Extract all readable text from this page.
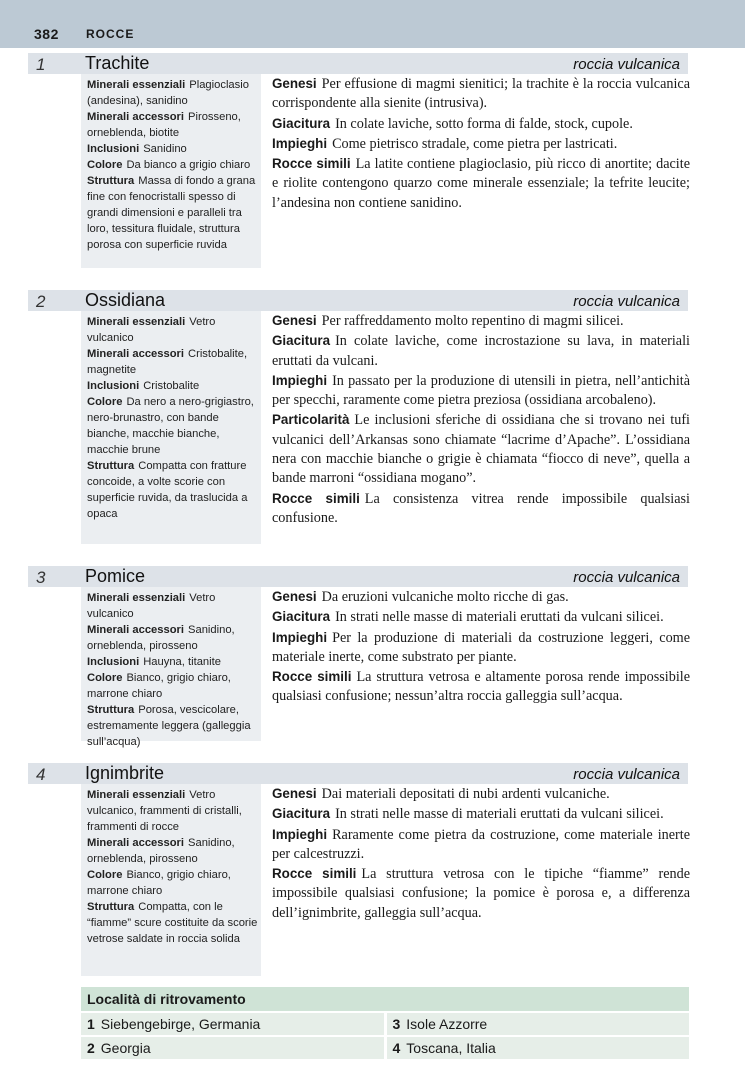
382 ROCCE
1 Trachite	roccia vulcanica
Minerali essenziali Plagioclasio (andesina), sanidino
Minerali accessori Pirosseno, orneblenda, biotite
Inclusioni Sanidino
Colore Da bianco a grigio chiaro
Struttura Massa di fondo a grana fine con fenocristalli spesso di grandi dimensioni e paralleli tra loro, tessitura fluidale, struttura porosa con superficie ruvida

Genesi Per effusione di magmi sienitici; la trachite è la roccia vulcanica corrispondente alla sienite (intrusiva).

Giacitura In colate laviche, sotto forma di falde, stock, cupole.

Impieghi Come pietrisco stradale, come pietra per lastricati.

Rocce simili La latite contiene plagioclasio, più ricco di anortite; dacite e riolite contengono quarzo come minerale essenziale; la tefrite leucite; l’andesina non contiene sanidino.

2 Ossidiana	roccia vulcanica
Minerali essenziali Vetro vulcanico
Minerali accessori Cristobalite, magnetite
Inclusioni Cristobalite
Colore Da nero a nero-grigiastro, nero-brunastro, con bande bianche, macchie bianche, macchie brune
Struttura Compatta con fratture concoide, a volte scorie con superficie ruvida, da traslucida a opaca

Genesi Per raffreddamento molto repentino di magmi silicei.

Giacitura In colate laviche, come incrostazione su lava, in materiali eruttati da vulcani.

Impieghi In passato per la produzione di utensili in pietra, nell’antichità per specchi, raramente come pietra preziosa (ossidiana arcobaleno).

Particolarità Le inclusioni sferiche di ossidiana che si trovano nei tufi vulcanici dell’Arkansas sono chiamate “lacrime d’Apache”. L’ossidiana nera con macchie bianche o grigie è chiamata “fiocco di neve”, quella a bande marroni “ossidiana mogano”.

Rocce simili La consistenza vitrea rende impossibile qualsiasi confusione.

3 Pomice	roccia vulcanica
Minerali essenziali Vetro vulcanico
Minerali accessori Sanidino, orneblenda, pirosseno
Inclusioni Hauyna, titanite
Colore Bianco, grigio chiaro, marrone chiaro
Struttura Porosa, vescicolare, estremamente leggera (galleggia sull’acqua)

Genesi Da eruzioni vulcaniche molto ricche di gas.

Giacitura In strati nelle masse di materiali eruttati da vulcani silicei.

Impieghi Per la produzione di materiali da costruzione leggeri, come materiale inerte, come substrato per piante.

Rocce simili La struttura vetrosa e altamente porosa rende impossibile qualsiasi confusione; nessun’altra roccia galleggia sull’acqua.

4 Ignimbrite	roccia vulcanica
Minerali essenziali Vetro vulcanico, frammenti di cristalli, frammenti di rocce
Minerali accessori Sanidino, orneblenda, pirosseno
Colore Bianco, grigio chiaro, marrone chiaro
Struttura Compatta, con le “fiamme” scure costituite da scorie vetrose saldate in roccia solida

Genesi Dai materiali depositati di nubi ardenti vulcaniche.

Giacitura In strati nelle masse di materiali eruttati da vulcani silicei.

Impieghi Raramente come pietra da costruzione, come materiale inerte per calcestruzzi.

Rocce simili La struttura vetrosa con le tipiche “fiamme” rende impossibile qualsiasi confusione; la pomice è porosa e, a differenza dell’ignimbrite, galleggia sull’acqua.

Località di ritrovamento
1 Siebengebirge, Germania	3 Isole Azzorre
2 Georgia	4 Toscana, Italia
